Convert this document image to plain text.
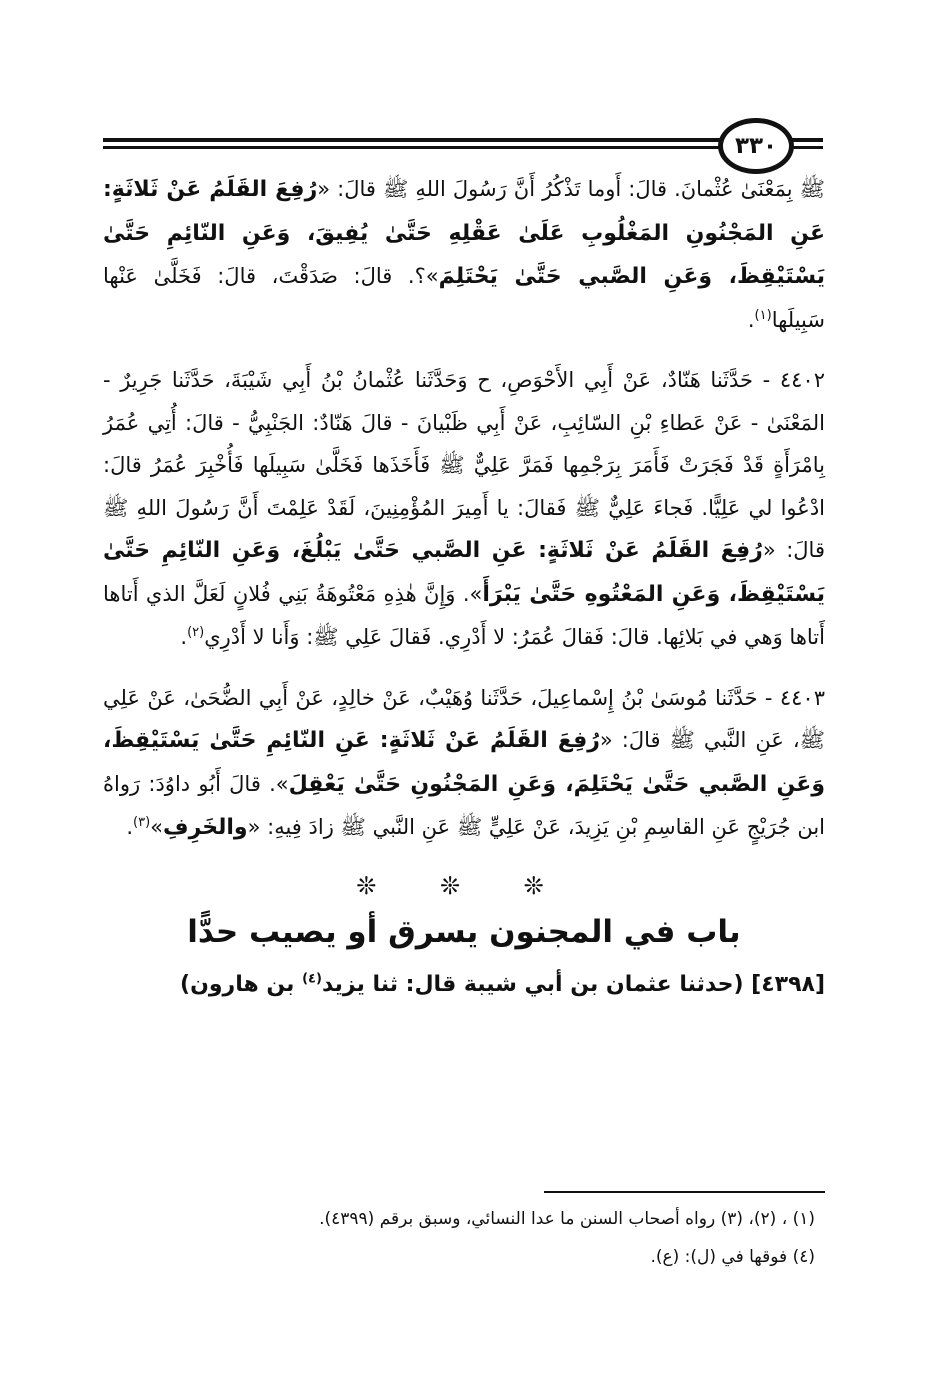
٣٣٠

ﷺ بِمَعْنَىٰ عُثْمانَ. قالَ: أَوما تَذْكُرُ أَنَّ رَسُولَ اللهِ ﷺ قالَ: «رُفِعَ القَلَمُ عَنْ ثَلاثَةٍ: عَنِ المَجْنُونِ المَغْلُوبِ عَلَىٰ عَقْلِهِ حَتَّىٰ يُفِيقَ، وَعَنِ النّائِمِ حَتَّىٰ يَسْتَيْقِظَ، وَعَنِ الصَّبي حَتَّىٰ يَحْتَلِمَ»؟. قالَ: صَدَقْتَ، قالَ: فَخَلَّىٰ عَنْها سَبِيلَها$^{(١)}$.

٤٤٠٢ - حَدَّثَنا هَنّادٌ، عَنْ أَبِي الأَحْوَصِ، ح وَحَدَّثَنا عُثْمانُ بْنُ أَبِي شَيْبَةَ، حَدَّثَنا جَرِيرٌ - المَعْنَىٰ - عَنْ عَطاءِ بْنِ السّائِبِ، عَنْ أَبِي ظَبْيانَ - قالَ هَنّادٌ: الجَنْبِيُّ - قالَ: أُتِي عُمَرُ بِامْرَأَةٍ قَدْ فَجَرَتْ فَأَمَرَ بِرَجْمِها فَمَرَّ عَلِيٌّ ﷺ فَأَخَذَها فَخَلَّىٰ سَبِيلَها فَأُخْبِرَ عُمَرُ قالَ: ادْعُوا لي عَلِيًّا. فَجاءَ عَلِيٌّ ﷺ فَقالَ: يا أَمِيرَ المُؤْمِنِينَ، لَقَدْ عَلِمْتَ أَنَّ رَسُولَ اللهِ ﷺ قالَ: «رُفِعَ القَلَمُ عَنْ ثَلاثَةٍ: عَنِ الصَّبي حَتَّىٰ يَبْلُغَ، وَعَنِ النّائِمِ حَتَّىٰ يَسْتَيْقِظَ، وَعَنِ المَعْتُوهِ حَتَّىٰ يَبْرَأَ». وَإِنَّ هٰذِهِ مَعْتُوهَةُ بَنِي فُلانٍ لَعَلَّ الذي أَتاها أَتاها وَهي في بَلائِها. قالَ: فَقالَ عُمَرُ: لا أَدْرِي. فَقالَ عَلِي ﷺ: وَأَنا لا أَدْرِي$^{(٢)}$.

٤٤٠٣ - حَدَّثَنا مُوسَىٰ بْنُ إِسْماعِيلَ، حَدَّثَنا وُهَيْبٌ، عَنْ خالِدٍ، عَنْ أَبِي الضُّحَىٰ، عَنْ عَلِي ﷺ، عَنِ النَّبي ﷺ قالَ: «رُفِعَ القَلَمُ عَنْ ثَلاثَةٍ: عَنِ النّائِمِ حَتَّىٰ يَسْتَيْقِظَ، وَعَنِ الصَّبي حَتَّىٰ يَحْتَلِمَ، وَعَنِ المَجْنُونِ حَتَّىٰ يَعْقِلَ». قالَ أَبُو داوُدَ: رَواهُ ابن جُرَيْجٍ عَنِ القاسِمِ بْنِ يَزِيدَ، عَنْ عَلِيٍّ ﷺ عَنِ النَّبي ﷺ زادَ فِيهِ: «والخَرِفِ»$^{(٣)}$.

❊ ❊ ❊
باب في المجنون يسرق أو يصيب حدًّا

[٤٣٩٨] (حدثنا عثمان بن أبي شيبة قال: ثنا يزيد$^{(٤)}$ بن هارون)

(١) ، (٢)، (٣) رواه أصحاب السنن ما عدا النسائي، وسبق برقم (٤٣٩٩).

(٤) فوقها في (ل): (ع).
